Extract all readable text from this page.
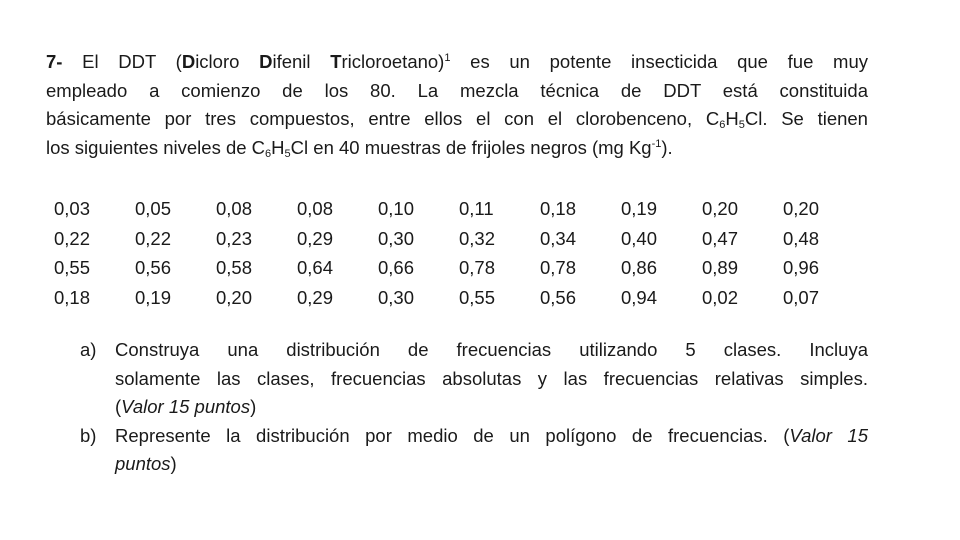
7- El DDT (Dicloro Difenil Tricloroetano)$^1$ es un potente insecticida que fue muy
empleado a comienzo de los 80. La mezcla técnica de DDT está constituida
básicamente por tres compuestos, entre ellos el con el clorobenceno, $C_6H_5Cl$. Se tienen
los siguientes niveles de $C_6H_5Cl$ en 40 muestras de frijoles negros (mg $Kg^{-1}$).
0,03	0,05	0,08	0,08	0,10	0,11	0,18	0,19	0,20	0,20
0,22	0,22	0,23	0,29	0,30	0,32	0,34	0,40	0,47	0,48
0,55	0,56	0,58	0,64	0,66	0,78	0,78	0,86	0,89	0,96
0,18	0,19	0,20	0,29	0,30	0,55	0,56	0,94	0,02	0,07
a)	Construya una distribución de frecuencias utilizando 5 clases. Incluya
solamente las clases, frecuencias absolutas y las frecuencias relativas simples.
(Valor 15 puntos)
b)	Represente la distribución por medio de un polígono de frecuencias. (Valor 15
puntos)
